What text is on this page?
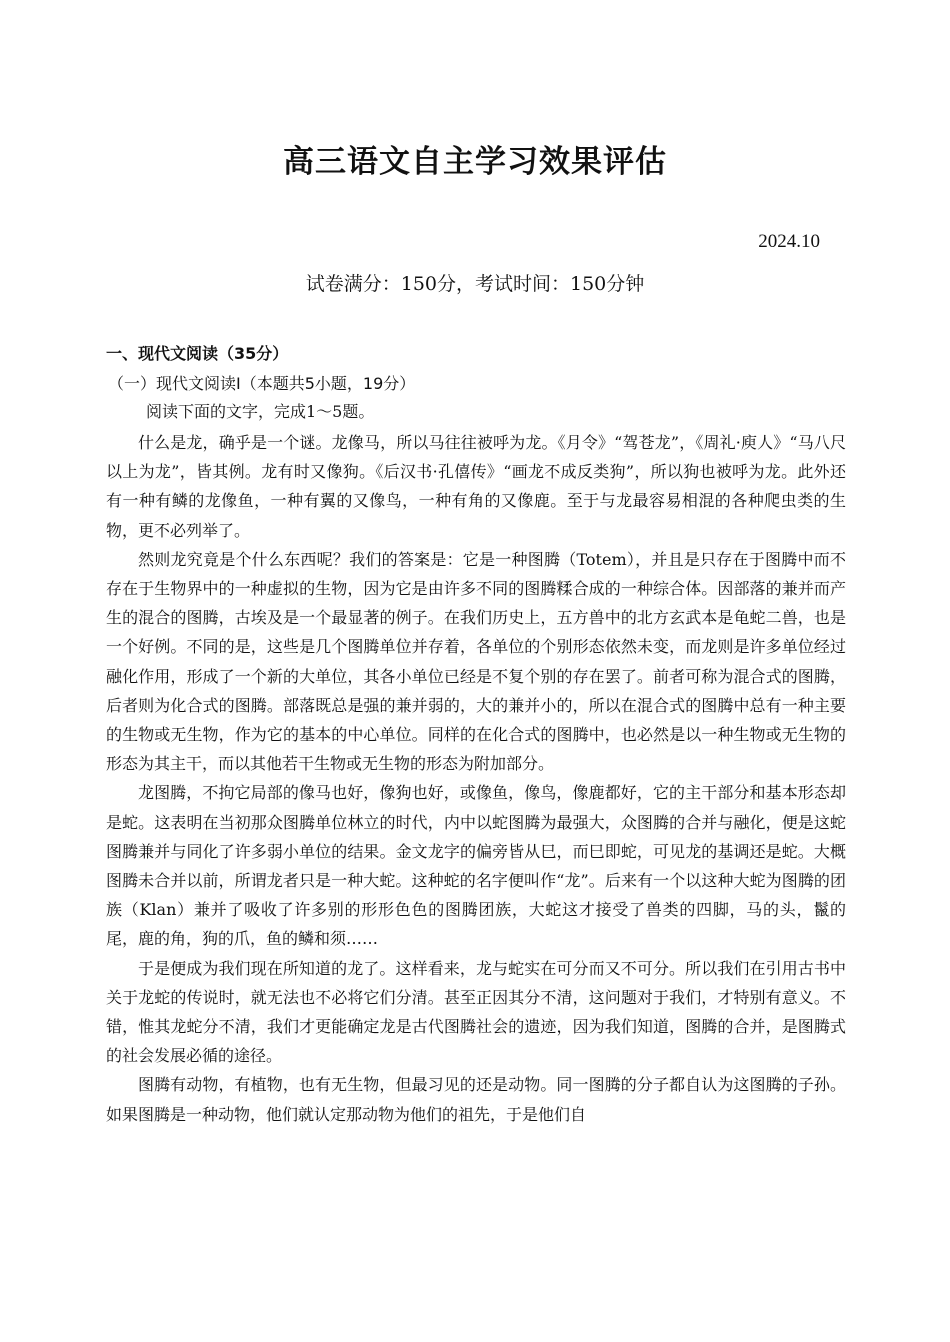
高三语文自主学习效果评估
2024.10
试卷满分：150分，考试时间：150分钟
一、现代文阅读（35分）
（一）现代文阅读Ⅰ（本题共5小题，19分）
阅读下面的文字，完成1～5题。

什么是龙，确乎是一个谜。龙像马，所以马往往被呼为龙。《月令》“驾苍龙”，《周礼·庾人》“马八尺以上为龙”，皆其例。龙有时又像狗。《后汉书·孔僖传》“画龙不成反类狗”，所以狗也被呼为龙。此外还有一种有鳞的龙像鱼，一种有翼的又像鸟，一种有角的又像鹿。至于与龙最容易相混的各种爬虫类的生物，更不必列举了。

然则龙究竟是个什么东西呢？我们的答案是：它是一种图腾（Totem），并且是只存在于图腾中而不存在于生物界中的一种虚拟的生物，因为它是由许多不同的图腾糅合成的一种综合体。因部落的兼并而产生的混合的图腾，古埃及是一个最显著的例子。在我们历史上，五方兽中的北方玄武本是龟蛇二兽，也是一个好例。不同的是，这些是几个图腾单位并存着，各单位的个别形态依然未变，而龙则是许多单位经过融化作用，形成了一个新的大单位，其各小单位已经是不复个别的存在罢了。前者可称为混合式的图腾，后者则为化合式的图腾。部落既总是强的兼并弱的，大的兼并小的，所以在混合式的图腾中总有一种主要的生物或无生物，作为它的基本的中心单位。同样的在化合式的图腾中，也必然是以一种生物或无生物的形态为其主干，而以其他若干生物或无生物的形态为附加部分。

龙图腾，不拘它局部的像马也好，像狗也好，或像鱼，像鸟，像鹿都好，它的主干部分和基本形态却是蛇。这表明在当初那众图腾单位林立的时代，内中以蛇图腾为最强大，众图腾的合并与融化，便是这蛇图腾兼并与同化了许多弱小单位的结果。金文龙字的偏旁皆从巳，而巳即蛇，可见龙的基调还是蛇。大概图腾未合并以前，所谓龙者只是一种大蛇。这种蛇的名字便叫作“龙”。后来有一个以这种大蛇为图腾的团族（Klan）兼并了吸收了许多别的形形色色的图腾团族，大蛇这才接受了兽类的四脚，马的头，鬣的尾，鹿的角，狗的爪，鱼的鳞和须……

于是便成为我们现在所知道的龙了。这样看来，龙与蛇实在可分而又不可分。所以我们在引用古书中关于龙蛇的传说时，就无法也不必将它们分清。甚至正因其分不清，这问题对于我们，才特别有意义。不错，惟其龙蛇分不清，我们才更能确定龙是古代图腾社会的遗迹，因为我们知道，图腾的合并，是图腾式的社会发展必循的途径。

图腾有动物，有植物，也有无生物，但最习见的还是动物。同一图腾的分子都自认为这图腾的子孙。如果图腾是一种动物，他们就认定那动物为他们的祖先，于是他们自
